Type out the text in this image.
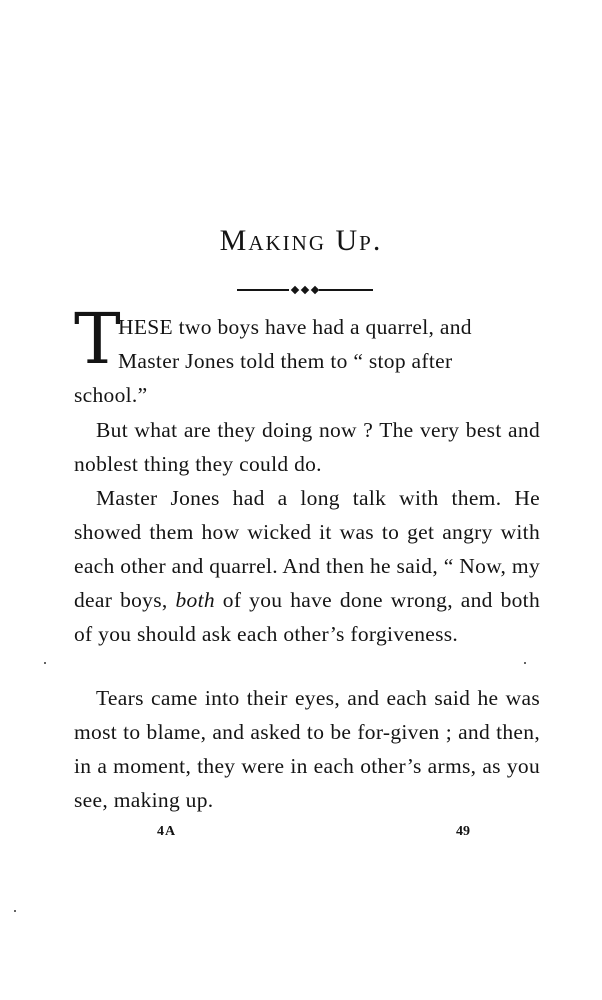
Making Up.
T

HESE two boys have had a quarrel, and
Master Jones told them to “ stop after
school.”

But what are they doing now ? The very best and noblest thing they could do.

Master Jones had a long talk with them. He showed them how wicked it was to get angry with each other and quarrel. And then he said, “ Now, my dear boys, both of you have done wrong, and both of you should ask each other’s forgiveness.

Tears came into their eyes, and each said he was most to blame, and asked to be for-given ; and then, in a moment, they were in each other’s arms, as you see, making up.

4A	49
